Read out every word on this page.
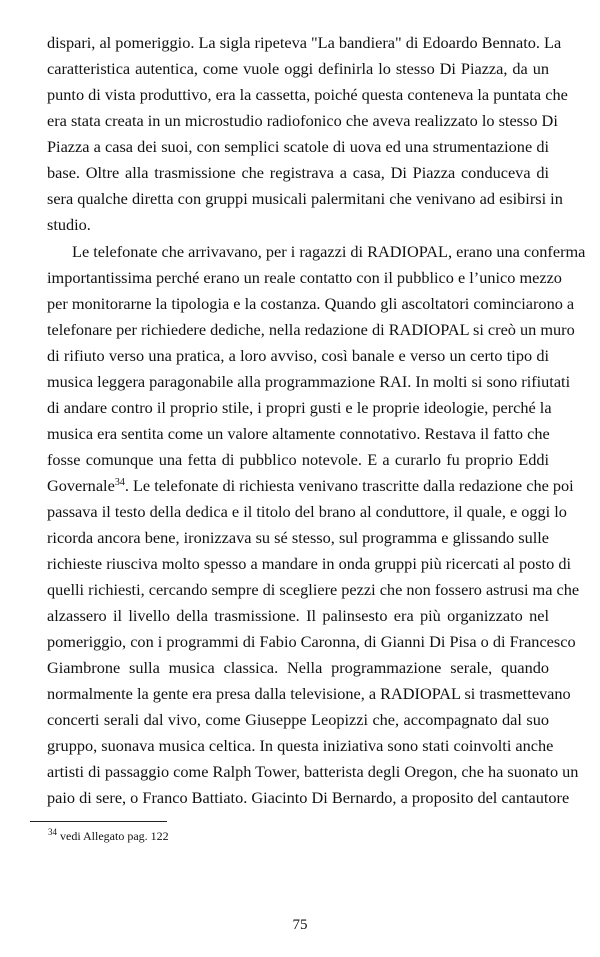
dispari, al pomeriggio. La sigla ripeteva "La bandiera" di Edoardo Bennato. La
caratteristica autentica, come vuole oggi definirla lo stesso Di Piazza, da un
punto di vista produttivo, era la cassetta, poiché questa conteneva la puntata che
era stata creata in un microstudio radiofonico che aveva realizzato lo stesso Di
Piazza a casa dei suoi, con semplici scatole di uova ed una strumentazione di
base. Oltre alla trasmissione che registrava a casa, Di Piazza conduceva di
sera qualche diretta con gruppi musicali palermitani che venivano ad esibirsi in
studio.
Le telefonate che arrivavano, per i ragazzi di RADIOPAL, erano una conferma
importantissima perché erano un reale contatto con il pubblico e l’unico mezzo
per monitorarne la tipologia e la costanza. Quando gli ascoltatori cominciarono a
telefonare per richiedere dediche, nella redazione di RADIOPAL si creò un muro
di rifiuto verso una pratica, a loro avviso, così banale e verso un certo tipo di
musica leggera paragonabile alla programmazione RAI. In molti si sono rifiutati
di andare contro il proprio stile, i propri gusti e le proprie ideologie, perché la
musica era sentita come un valore altamente connotativo. Restava il fatto che
fosse comunque una fetta di pubblico notevole. E a curarlo fu proprio Eddi
Governale$^{34}$. Le telefonate di richiesta venivano trascritte dalla redazione che poi
passava il testo della dedica e il titolo del brano al conduttore, il quale, e oggi lo
ricorda ancora bene, ironizzava su sé stesso, sul programma e glissando sulle
richieste riusciva molto spesso a mandare in onda gruppi più ricercati al posto di
quelli richiesti, cercando sempre di scegliere pezzi che non fossero astrusi ma che
alzassero il livello della trasmissione. Il palinsesto era più organizzato nel
pomeriggio, con i programmi di Fabio Caronna, di Gianni Di Pisa o di Francesco
Giambrone sulla musica classica. Nella programmazione serale, quando
normalmente la gente era presa dalla televisione, a RADIOPAL si trasmettevano
concerti serali dal vivo, come Giuseppe Leopizzi che, accompagnato dal suo
gruppo, suonava musica celtica. In questa iniziativa sono stati coinvolti anche
artisti di passaggio come Ralph Tower, batterista degli Oregon, che ha suonato un
paio di sere, o Franco Battiato. Giacinto Di Bernardo, a proposito del cantautore
$^{34}$ vedi Allegato pag. 122
75
